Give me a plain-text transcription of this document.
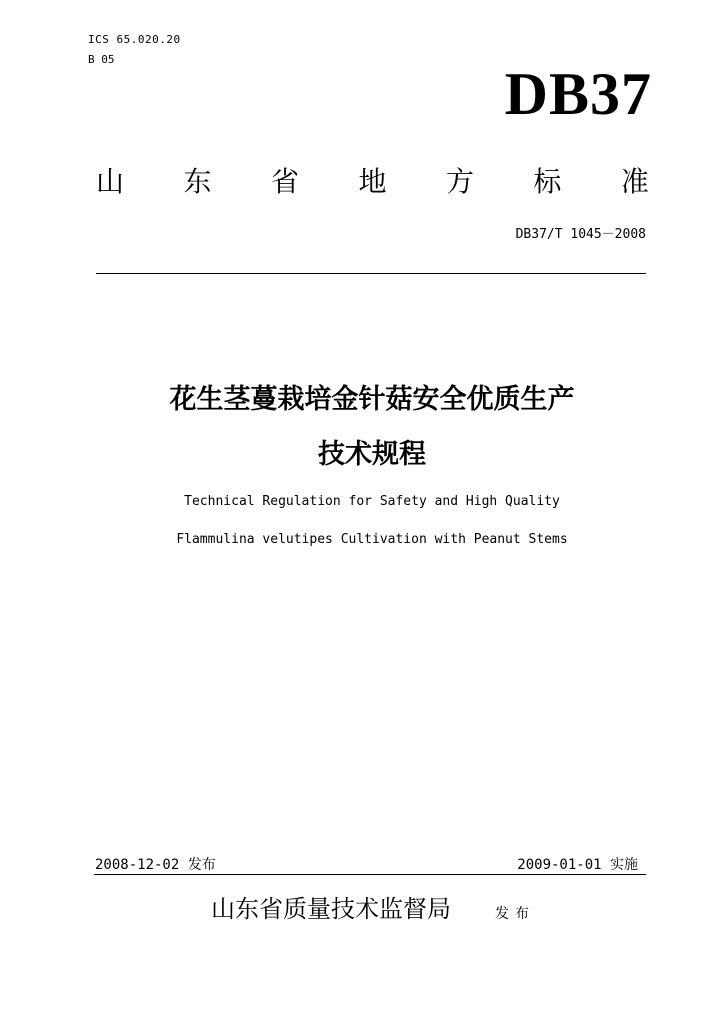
ICS 65.020.20
B 05
DB37
山 东 省 地 方 标 准
DB37/T 1045－2008
花生茎蔓栽培金针菇安全优质生产
技术规程
Technical Regulation for Safety and High Quality
Flammulina velutipes Cultivation with Peanut Stems
2008-12-02 发布	2009-01-01 实施
山东省质量技术监督局	发布
